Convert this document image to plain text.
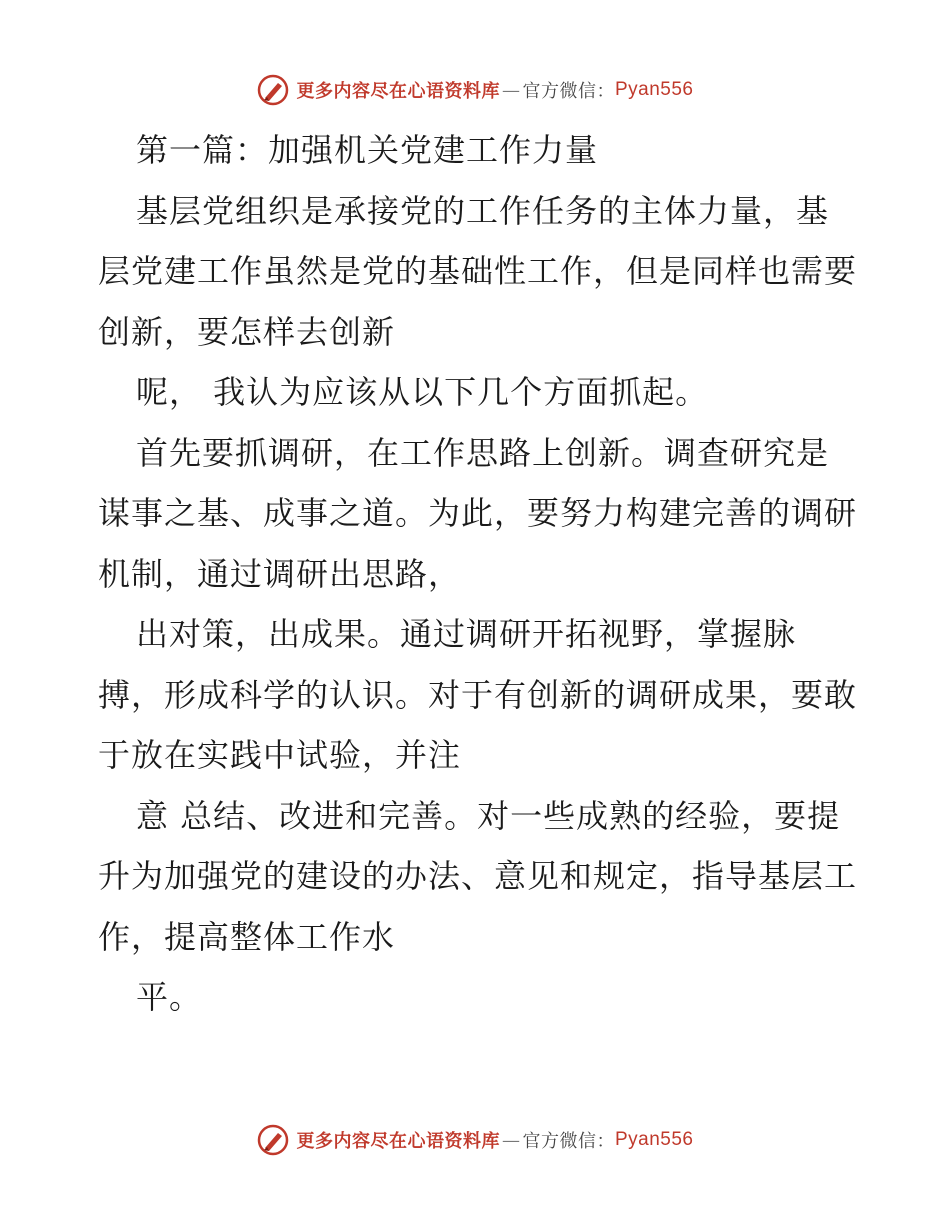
更多内容尽在心语资料库 — 官方微信： Pyan556

第一篇：加强机关党建工作力量

基层党组织是承接党的工作任务的主体力量，基层党建工作虽然是党的基础性工作，但是同样也需要创新，要怎样去创新

呢， 我认为应该从以下几个方面抓起。

首先要抓调研，在工作思路上创新。调查研究是谋事之基、成事之道。为此，要努力构建完善的调研机制，通过调研出思路，

出对策，出成果。通过调研开拓视野，掌握脉搏，形成科学的认识。对于有创新的调研成果，要敢于放在实践中试验，并注

意 总结、改进和完善。对一些成熟的经验，要提升为加强党的建设的办法、意见和规定，指导基层工作，提高整体工作水

平。

更多内容尽在心语资料库 — 官方微信： Pyan556
